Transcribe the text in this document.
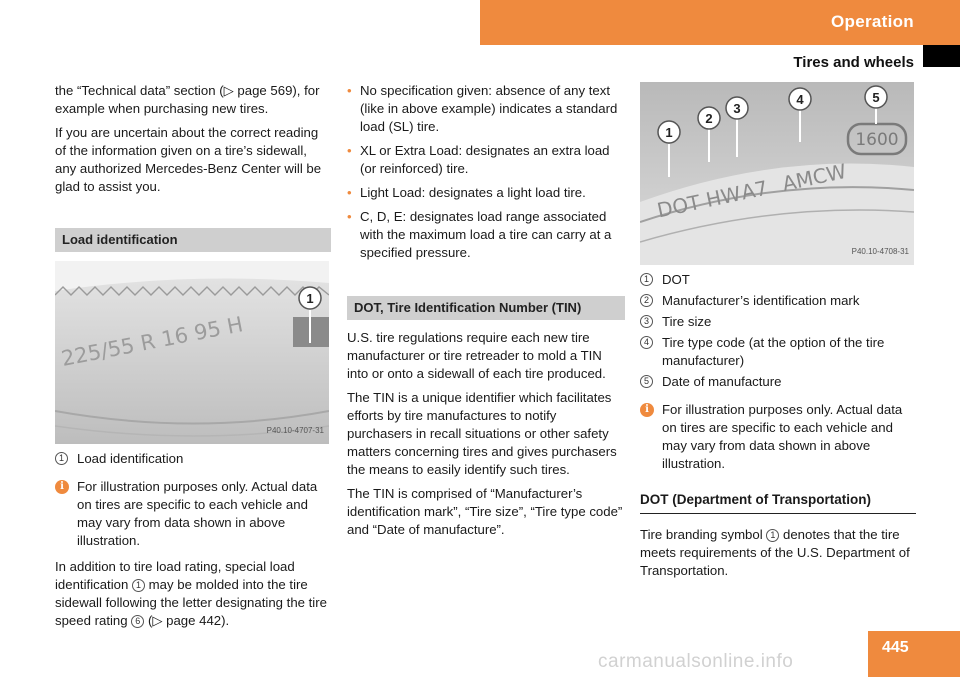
Operation
Tires and wheels

the “Technical data” section (▷ page 569), for example when purchasing new tires.

If you are uncertain about the correct reading of the information given on a tire’s sidewall, any authorized Mercedes-Benz Center will be glad to assist you.

Load identification
225/55 R 16 95 H
1
P40.10-4707-31
1 Load identification
i For illustration purposes only. Actual data on tires are specific to each vehicle and may vary from data shown in above illustration.

In addition to tire load rating, special load identification 1 may be molded into the tire sidewall following the letter designating the tire speed rating 6 (▷ page 442).

• No specification given: absence of any text (like in above example) indicates a standard load (SL) tire.
• XL or Extra Load: designates an extra load (or reinforced) tire.
• Light Load: designates a light load tire.
• C, D, E: designates load range associated with the maximum load a tire can carry at a specified pressure.
DOT, Tire Identification Number (TIN)

U.S. tire regulations require each new tire manufacturer or tire retreader to mold a TIN into or onto a sidewall of each tire produced.

The TIN is a unique identifier which facilitates efforts by tire manufactures to notify purchasers in recall situations or other safety matters concerning tires and gives purchasers the means to easily identify such tires.

The TIN is comprised of “Manufacturer’s identification mark”, “Tire size”, “Tire type code” and “Date of manufacture”.

DOT HW
A7 AMCW
1600
1
2
3
4	5
P40.10-4708-31
1 DOT
2 Manufacturer’s identification mark
3 Tire size
4 Tire type code (at the option of the tire manufacturer)
5 Date of manufacture
i For illustration purposes only. Actual data on tires are specific to each vehicle and may vary from data shown in above illustration.
DOT (Department of Transportation)

Tire branding symbol 1 denotes that the tire meets requirements of the U.S. Department of Transportation.

445
carmanualsonline.info
